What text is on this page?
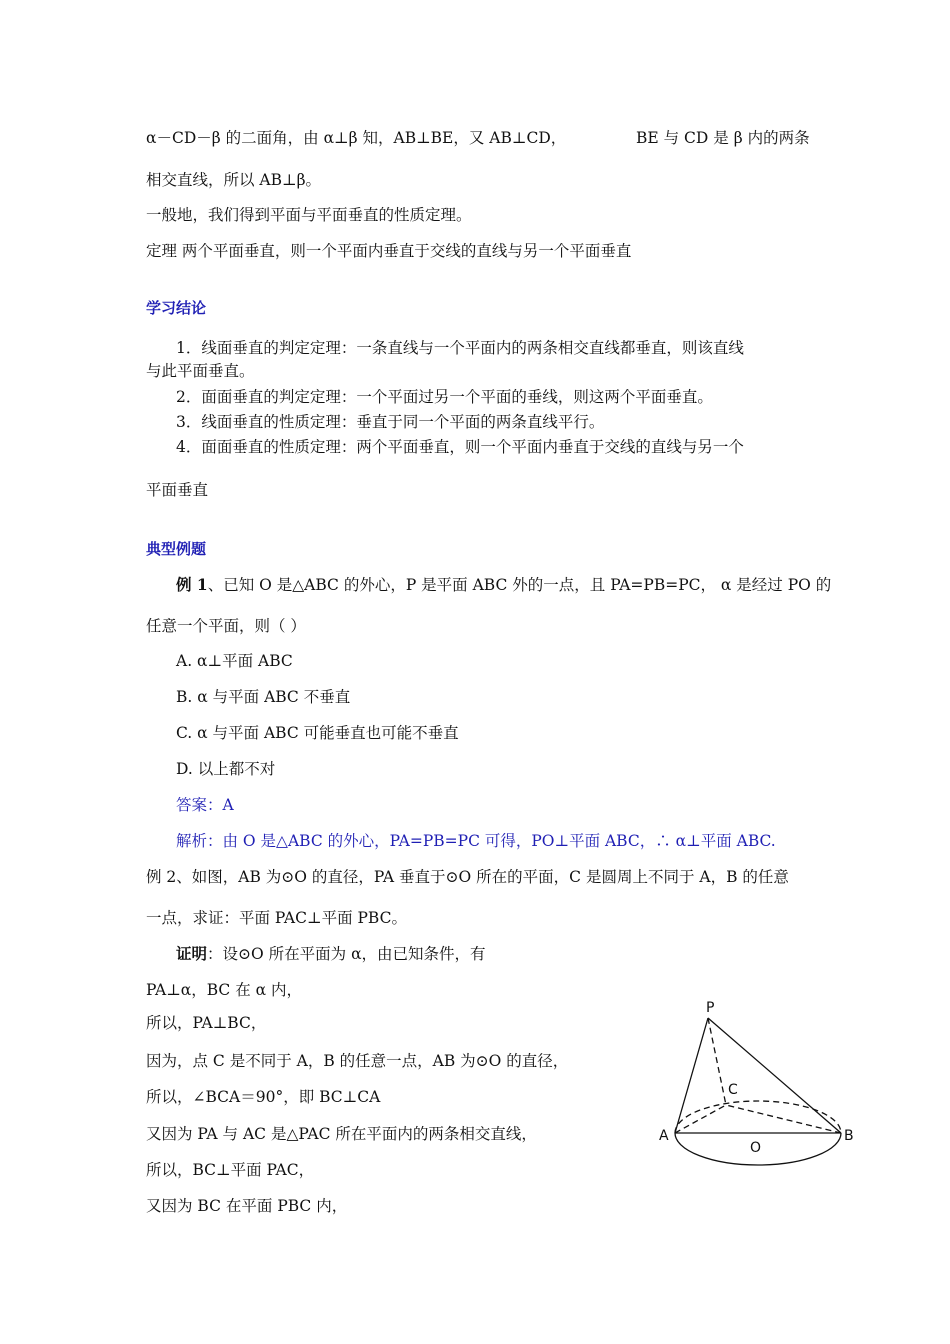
α－CD－β 的二面角，由 α⊥β 知，AB⊥BE，又 AB⊥CD，	BE 与 CD 是 β 内的两条
相交直线，所以 AB⊥β。
一般地，我们得到平面与平面垂直的性质定理。
定理 两个平面垂直，则一个平面内垂直于交线的直线与另一个平面垂直
学习结论
1．线面垂直的判定定理：一条直线与一个平面内的两条相交直线都垂直，则该直线
与此平面垂直。
2．面面垂直的判定定理：一个平面过另一个平面的垂线，则这两个平面垂直。
3．线面垂直的性质定理：垂直于同一个平面的两条直线平行。
4．面面垂直的性质定理：两个平面垂直，则一个平面内垂直于交线的直线与另一个
平面垂直
典型例题
例 1、已知 O 是△ABC 的外心，P 是平面 ABC 外的一点，且 PA=PB=PC， α 是经过 PO 的
任意一个平面，则（ ）
A. α⊥平面 ABC
B. α 与平面 ABC 不垂直
C. α 与平面 ABC 可能垂直也可能不垂直
D. 以上都不对
答案：A
解析：由 O 是△ABC 的外心，PA=PB=PC 可得，PO⊥平面 ABC，∴ α⊥平面 ABC.
例 2、如图，AB 为⊙O 的直径，PA 垂直于⊙O 所在的平面，C 是圆周上不同于 A，B 的任意
一点，求证：平面 PAC⊥平面 PBC。
证明：设⊙O 所在平面为 α，由已知条件，有
PA⊥α，BC 在 α 内，
所以，PA⊥BC，
因为，点 C 是不同于 A，B 的任意一点，AB 为⊙O 的直径，
所以，∠BCA＝90°，即 BC⊥CA
又因为 PA 与 AC 是△PAC 所在平面内的两条相交直线，
所以，BC⊥平面 PAC，
又因为 BC 在平面 PBC 内，
P
C
A
O
B
